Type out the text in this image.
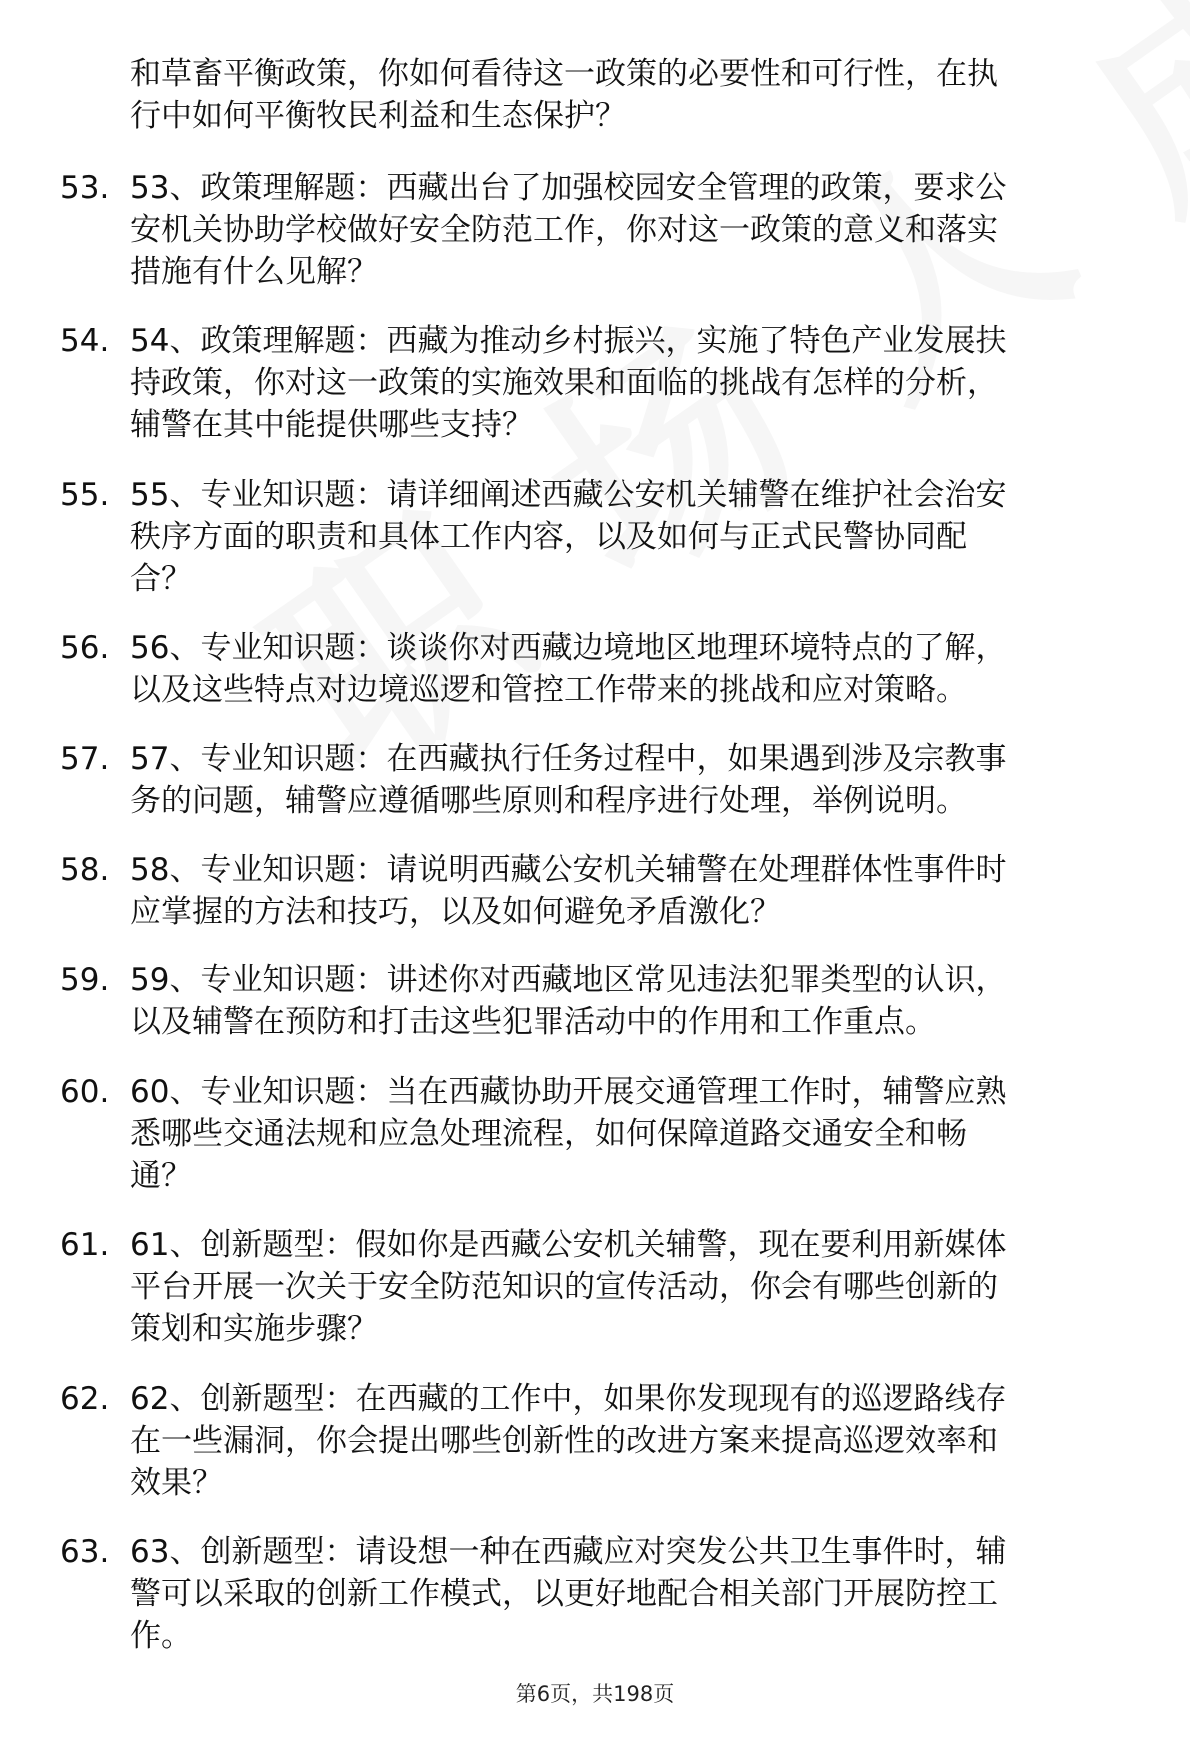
和草畜平衡政策，你如何看待这一政策的必要性和可行性，在执
行中如何平衡牧民利益和生态保护？
53. 53、政策理解题：西藏出台了加强校园安全管理的政策，要求公
安机关协助学校做好安全防范工作，你对这一政策的意义和落实
措施有什么见解？
54. 54、政策理解题：西藏为推动乡村振兴，实施了特色产业发展扶
持政策，你对这一政策的实施效果和面临的挑战有怎样的分析，
辅警在其中能提供哪些支持？
55. 55、专业知识题：请详细阐述西藏公安机关辅警在维护社会治安
秩序方面的职责和具体工作内容，以及如何与正式民警协同配
合？
56. 56、专业知识题：谈谈你对西藏边境地区地理环境特点的了解，
以及这些特点对边境巡逻和管控工作带来的挑战和应对策略。
57. 57、专业知识题：在西藏执行任务过程中，如果遇到涉及宗教事
务的问题，辅警应遵循哪些原则和程序进行处理，举例说明。
58. 58、专业知识题：请说明西藏公安机关辅警在处理群体性事件时
应掌握的方法和技巧，以及如何避免矛盾激化？
59. 59、专业知识题：讲述你对西藏地区常见违法犯罪类型的认识，
以及辅警在预防和打击这些犯罪活动中的作用和工作重点。
60. 60、专业知识题：当在西藏协助开展交通管理工作时，辅警应熟
悉哪些交通法规和应急处理流程，如何保障道路交通安全和畅
通？
61. 61、创新题型：假如你是西藏公安机关辅警，现在要利用新媒体
平台开展一次关于安全防范知识的宣传活动，你会有哪些创新的
策划和实施步骤？
62. 62、创新题型：在西藏的工作中，如果你发现现有的巡逻路线存
在一些漏洞，你会提出哪些创新性的改进方案来提高巡逻效率和
效果？
63. 63、创新题型：请设想一种在西藏应对突发公共卫生事件时，辅
警可以采取的创新工作模式，以更好地配合相关部门开展防控工
作。
第6页，共198页
